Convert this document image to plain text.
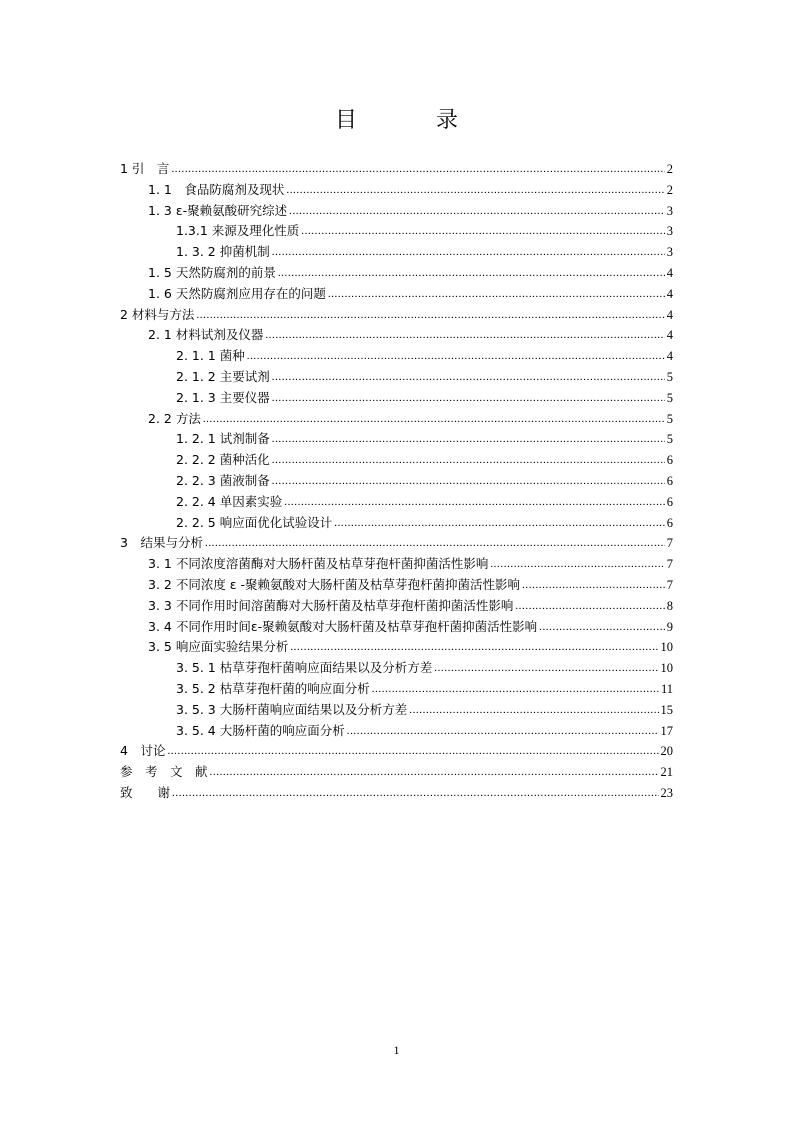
目 录
1 引　言 .....	2
1. 1　食品防腐剂及现状 .....	2
1. 3 ε-聚赖氨酸研究综述 .....	3
1.3.1 来源及理化性质 .....	3
1. 3. 2 抑菌机制 .....	3
1. 5 天然防腐剂的前景 .....	4
1. 6 天然防腐剂应用存在的问题 .....	4
2 材料与方法 .....	4
2. 1 材料试剂及仪器 .....	4
2. 1. 1 菌种 .....	4
2. 1. 2 主要试剂 .....	5
2. 1. 3 主要仪器 .....	5
2. 2 方法 .....	5
1. 2. 1 试剂制备 .....	5
2. 2. 2 菌种活化 .....	6
2. 2. 3 菌液制备 .....	6
2. 2. 4 单因素实验 .....	6
2. 2. 5 响应面优化试验设计 .....	6
3　结果与分析 .....	7
3. 1 不同浓度溶菌酶对大肠杆菌及枯草芽孢杆菌抑菌活性影响 .....	7
3. 2 不同浓度 ε -聚赖氨酸对大肠杆菌及枯草芽孢杆菌抑菌活性影响 .....	7
3. 3 不同作用时间溶菌酶对大肠杆菌及枯草芽孢杆菌抑菌活性影响 .....	8
3. 4 不同作用时间ε-聚赖氨酸对大肠杆菌及枯草芽孢杆菌抑菌活性影响 .....	9
3. 5 响应面实验结果分析 .....	10
3. 5. 1 枯草芽孢杆菌响应面结果以及分析方差 .....	10
3. 5. 2 枯草芽孢杆菌的响应面分析 .....	11
3. 5. 3 大肠杆菌响应面结果以及分析方差 .....	15
3. 5. 4 大肠杆菌的响应面分析 .....	17
4　讨论 .....	20
参　考　文　献 .....	21
致　　谢 .....	23
1
